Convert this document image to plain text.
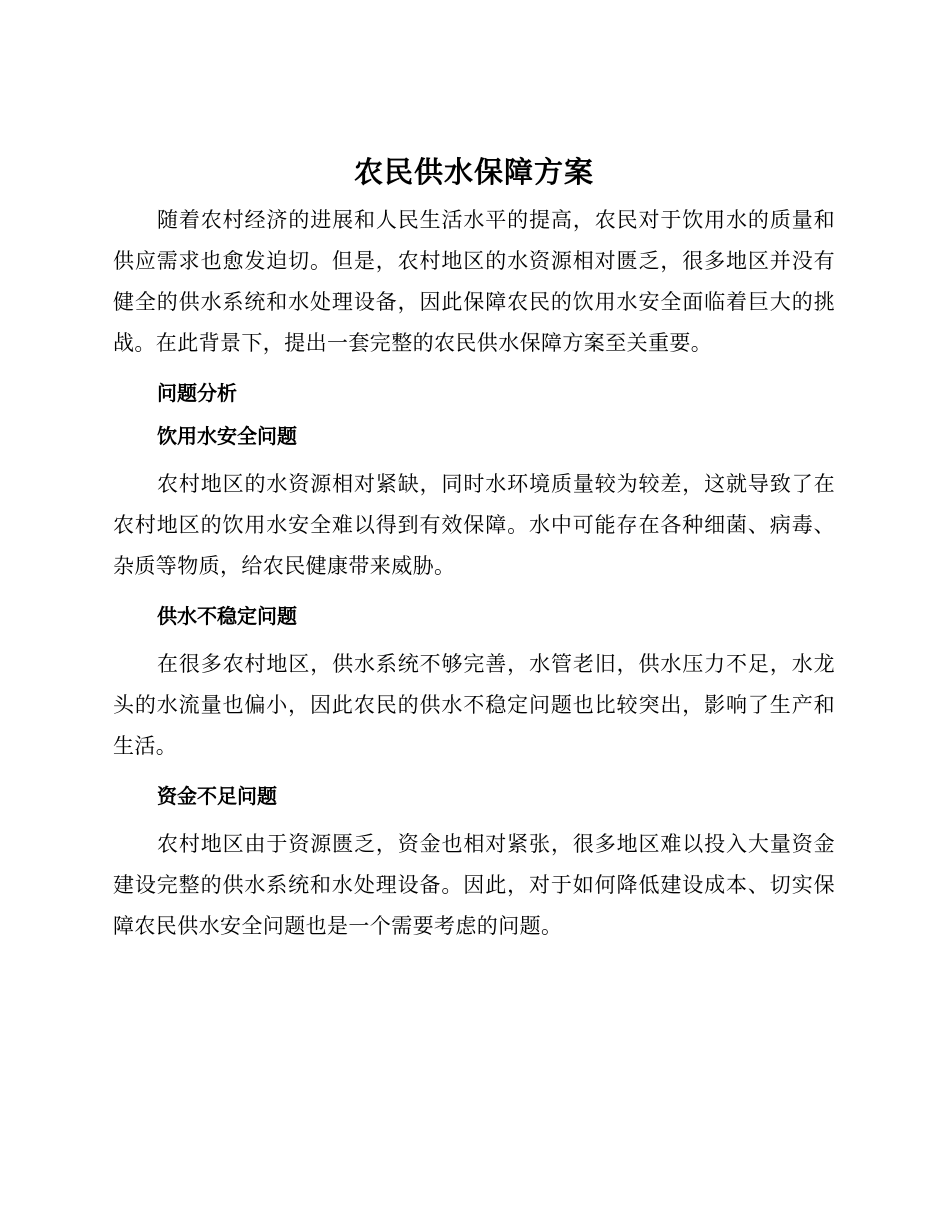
农民供水保障方案

随着农村经济的进展和人民生活水平的提高，农民对于饮用水的质量和供应需求也愈发迫切。但是，农村地区的水资源相对匮乏，很多地区并没有健全的供水系统和水处理设备，因此保障农民的饮用水安全面临着巨大的挑战。在此背景下，提出一套完整的农民供水保障方案至关重要。

问题分析
饮用水安全问题

农村地区的水资源相对紧缺，同时水环境质量较为较差，这就导致了在农村地区的饮用水安全难以得到有效保障。水中可能存在各种细菌、病毒、杂质等物质，给农民健康带来威胁。

供水不稳定问题

在很多农村地区，供水系统不够完善，水管老旧，供水压力不足，水龙头的水流量也偏小，因此农民的供水不稳定问题也比较突出，影响了生产和生活。

资金不足问题

农村地区由于资源匮乏，资金也相对紧张，很多地区难以投入大量资金建设完整的供水系统和水处理设备。因此，对于如何降低建设成本、切实保障农民供水安全问题也是一个需要考虑的问题。
